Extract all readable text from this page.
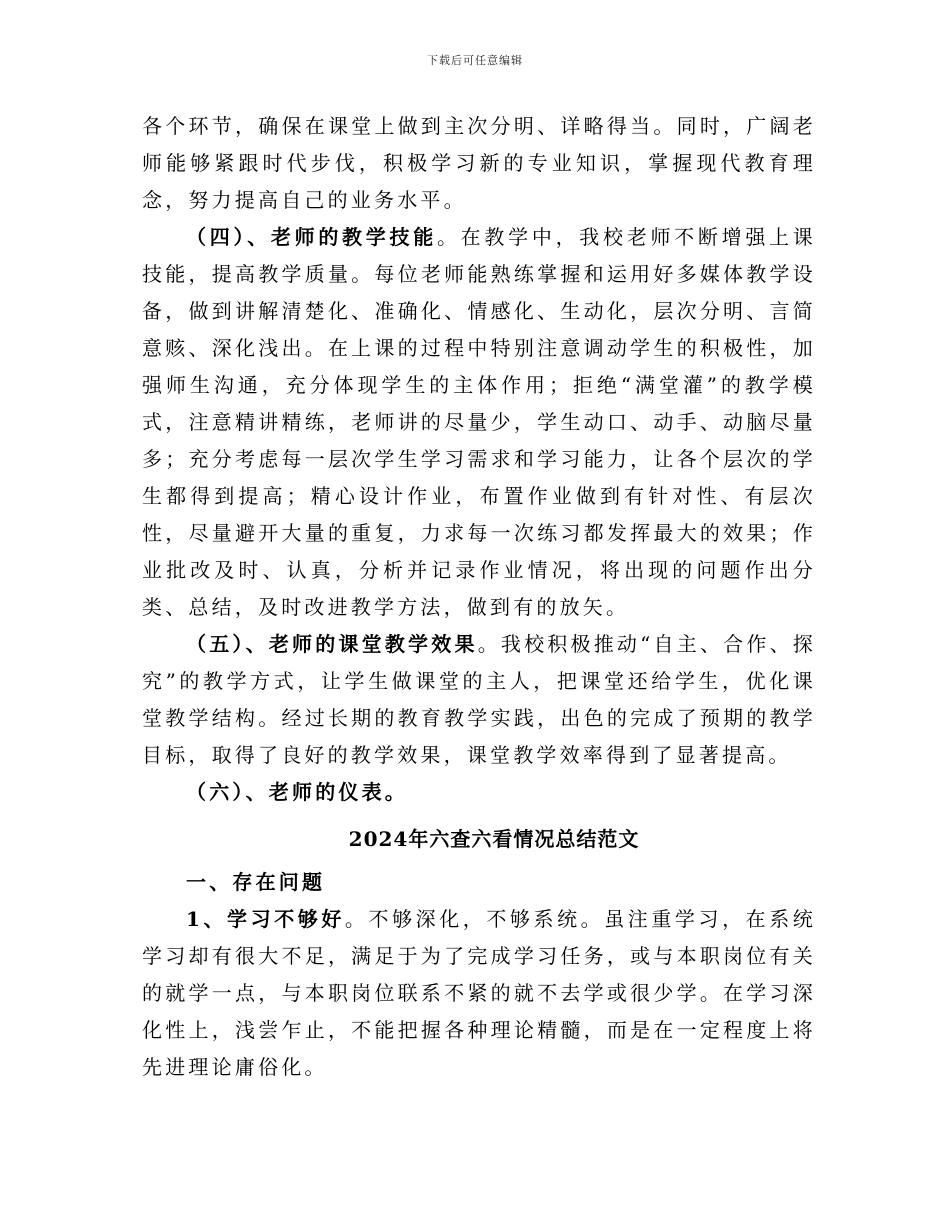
下载后可任意编辑

各个环节，确保在课堂上做到主次分明、详略得当。同时，广阔老师能够紧跟时代步伐，积极学习新的专业知识，掌握现代教育理念，努力提高自己的业务水平。

（四）、老师的教学技能。在教学中，我校老师不断增强上课技能，提高教学质量。每位老师能熟练掌握和运用好多媒体教学设备，做到讲解清楚化、准确化、情感化、生动化，层次分明、言简意赅、深化浅出。在上课的过程中特别注意调动学生的积极性，加强师生沟通，充分体现学生的主体作用；拒绝“满堂灌”的教学模式，注意精讲精练，老师讲的尽量少，学生动口、动手、动脑尽量多；充分考虑每一层次学生学习需求和学习能力，让各个层次的学生都得到提高；精心设计作业，布置作业做到有针对性、有层次性，尽量避开大量的重复，力求每一次练习都发挥最大的效果；作业批改及时、认真，分析并记录作业情况，将出现的问题作出分类、总结，及时改进教学方法，做到有的放矢。

（五）、老师的课堂教学效果。我校积极推动“自主、合作、探究”的教学方式，让学生做课堂的主人，把课堂还给学生，优化课堂教学结构。经过长期的教育教学实践，出色的完成了预期的教学目标，取得了良好的教学效果，课堂教学效率得到了显著提高。

（六）、老师的仪表。

2024年六查六看情况总结范文

一、存在问题

1、学习不够好。不够深化，不够系统。虽注重学习，在系统学习却有很大不足，满足于为了完成学习任务，或与本职岗位有关的就学一点，与本职岗位联系不紧的就不去学或很少学。在学习深化性上，浅尝乍止，不能把握各种理论精髓，而是在一定程度上将先进理论庸俗化。
